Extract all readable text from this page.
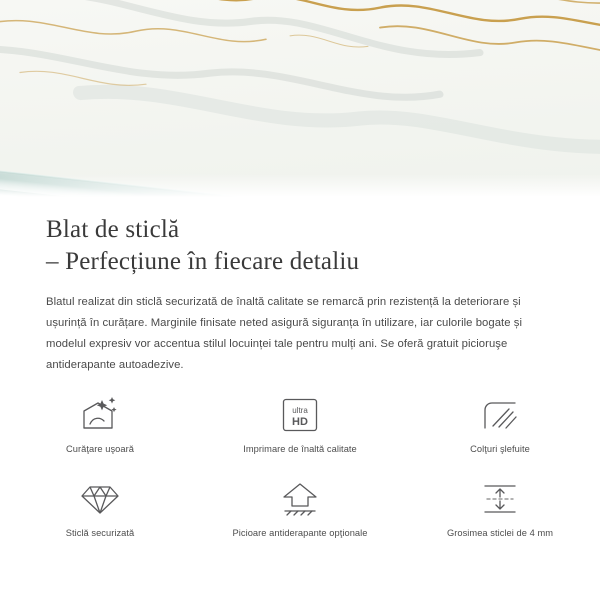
Blat de sticlă
– Perfecțiune în fiecare detaliu

Blatul realizat din sticlă securizată de înaltă calitate se remarcă prin rezistență la deteriorare și ușurință în curățare. Marginile finisate neted asigură siguranța în utilizare, iar culorile bogate și modelul expresiv vor accentua stilul locuinței tale pentru mulți ani. Se oferă gratuit picioruşe antiderapante autoadezive.

Curăţare uşoară
ultra
HD
Imprimare de înaltă calitate	Colţuri şlefuite
Sticlă securizată	Picioare antiderapante opţionale	Grosimea sticlei de 4 mm
